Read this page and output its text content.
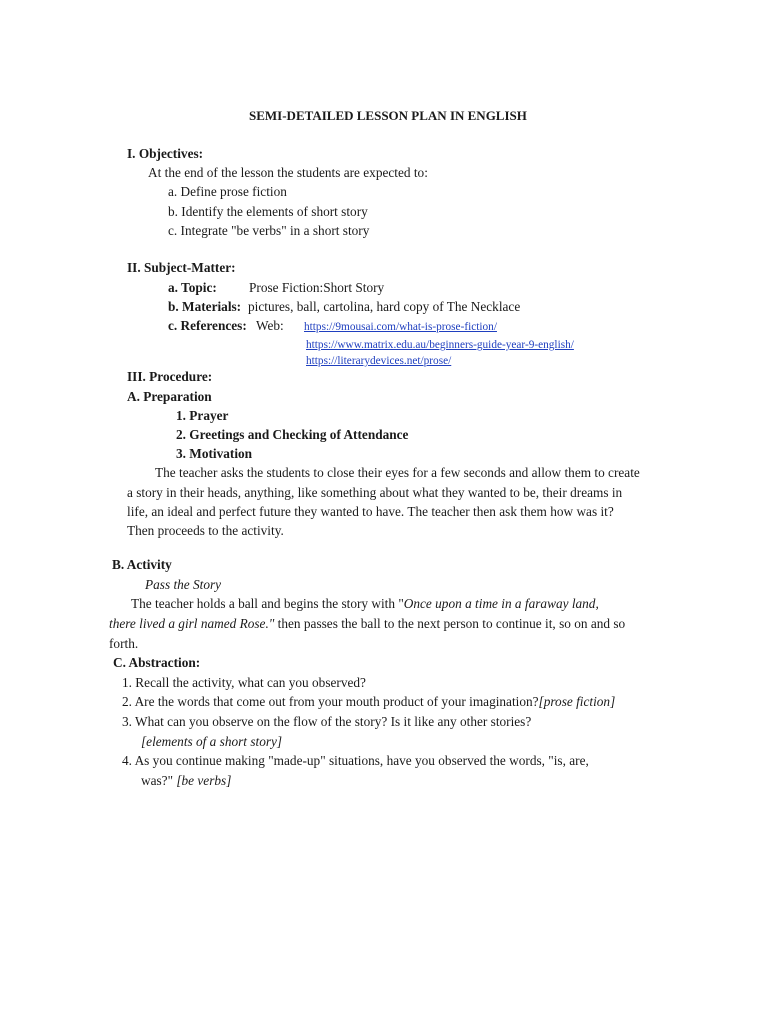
SEMI-DETAILED LESSON PLAN IN ENGLISH
I. Objectives:
At the end of the lesson the students are expected to:
a. Define prose fiction
b. Identify the elements of short story
c. Integrate "be verbs" in a short story
II. Subject-Matter:
a. Topic: Prose Fiction:Short Story
b. Materials: pictures, ball, cartolina, hard copy of The Necklace
c. References: Web: https://9mousai.com/what-is-prose-fiction/
https://www.matrix.edu.au/beginners-guide-year-9-english/
https://literarydevices.net/prose/
III. Procedure:
A. Preparation
1. Prayer
2. Greetings and Checking of Attendance
3. Motivation
The teacher asks the students to close their eyes for a few seconds and allow them to create
a story in their heads, anything, like something about what they wanted to be, their dreams in
life, an ideal and perfect future they wanted to have. The teacher then ask them how was it?
Then proceeds to the activity.
B. Activity
Pass the Story
The teacher holds a ball and begins the story with "Once upon a time in a faraway land,
there lived a girl named Rose." then passes the ball to the next person to continue it, so on and so
forth.
C. Abstraction:
1. Recall the activity, what can you observed?
2. Are the words that come out from your mouth product of your imagination?[prose fiction]
3. What can you observe on the flow of the story? Is it like any other stories?
[elements of a short story]
4. As you continue making "made-up" situations, have you observed the words, "is, are,
was?" [be verbs]
